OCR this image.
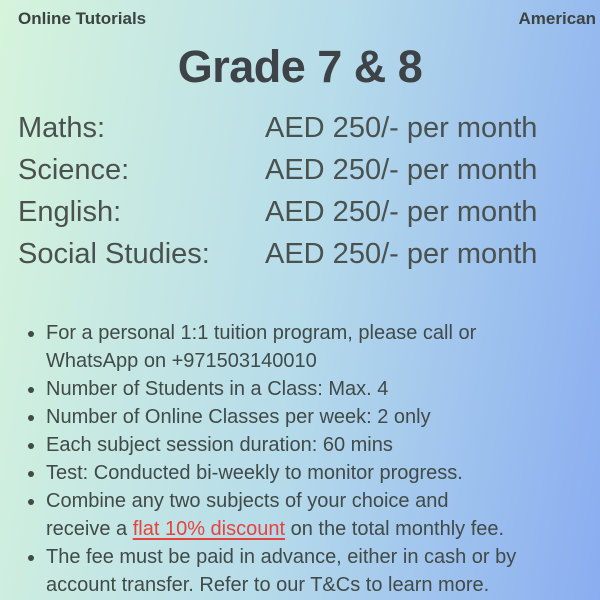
Online Tutorials	American
Grade 7 & 8
Maths:	AED 250/- per month
Science:	AED 250/- per month
English:	AED 250/- per month
Social Studies:	AED 250/- per month
• For a personal 1:1 tuition program, please call or
WhatsApp on +971503140010
• Number of Students in a Class: Max. 4
• Number of Online Classes per week: 2 only
• Each subject session duration: 60 mins
• Test: Conducted bi-weekly to monitor progress.
• Combine any two subjects of your choice and
receive a flat 10% discount on the total monthly fee.
• The fee must be paid in advance, either in cash or by
account transfer. Refer to our T&Cs to learn more.
